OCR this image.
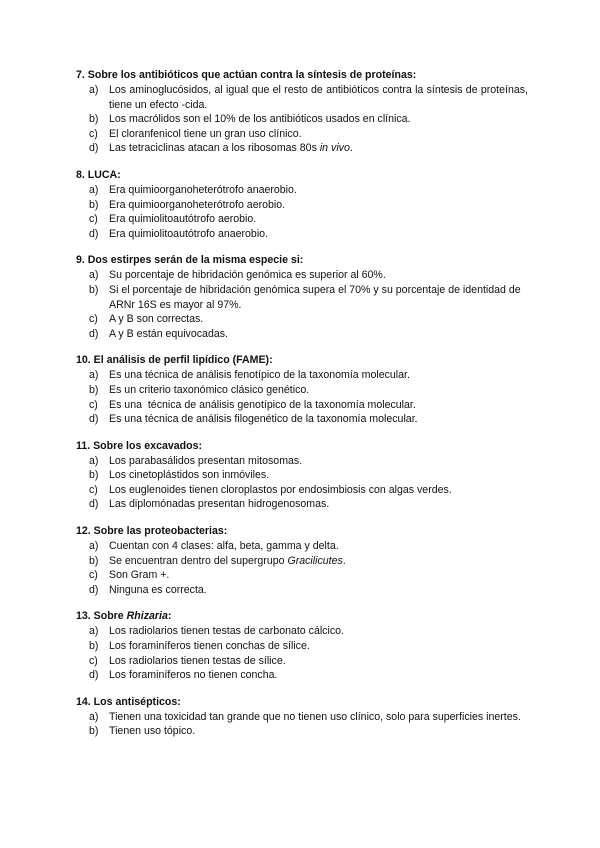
7. Sobre los antibióticos que actúan contra la síntesis de proteínas:
a) Los aminoglucósidos, al igual que el resto de antibióticos contra la síntesis de proteínas, tiene un efecto -cida.
b) Los macrólidos son el 10% de los antibióticos usados en clínica.
c)	El cloranfenicol tiene un gran uso clínico.
d) Las tetraciclinas atacan a los ribosomas 80s in vivo.
8. LUCA:
a) Era quimioorganoheterótrofo anaerobio.
b) Era quimioorganoheterótrofo aerobio.
c)	Era quimiolitoautótrofo aerobio.
d) Era quimiolitoautótrofo anaerobio.
9. Dos estirpes serán de la misma especie si:
a) Su porcentaje de hibridación genómica es superior al 60%.
b) Si el porcentaje de hibridación genómica supera el 70% y su porcentaje de identidad de ARNr 16S es mayor al 97%.
c)	A y B son correctas.
d) A y B están equivocadas.
10. El análisis de perfil lipídico (FAME):
a) Es una técnica de análisis fenotípico de la taxonomía molecular.
b) Es un criterio taxonómico clásico genético.
c)	Es una  técnica de análisis genotípico de la taxonomía molecular.
d) Es una técnica de análisis filogenético de la taxonomía molecular.
11. Sobre los excavados:
a) Los parabasálidos presentan mitosomas.
b) Los cinetoplástidos son inmóviles.
c)	Los euglenoides tienen cloroplastos por endosimbiosis con algas verdes.
d) Las diplomónadas presentan hidrogenosomas.
12. Sobre las proteobacterias:
a) Cuentan con 4 clases: alfa, beta, gamma y delta.
b) Se encuentran dentro del supergrupo Gracilicutes.
c)	Son Gram +.
d) Ninguna es correcta.
13. Sobre Rhizaria:
a) Los radiolarios tienen testas de carbonato cálcico.
b) Los foraminíferos tienen conchas de sílice.
c)	Los radiolarios tienen testas de sílice.
d) Los foraminíferos no tienen concha.
14. Los antisépticos:
a) Tienen una toxicidad tan grande que no tienen uso clínico, solo para superficies inertes.
b) Tienen uso tópico.
